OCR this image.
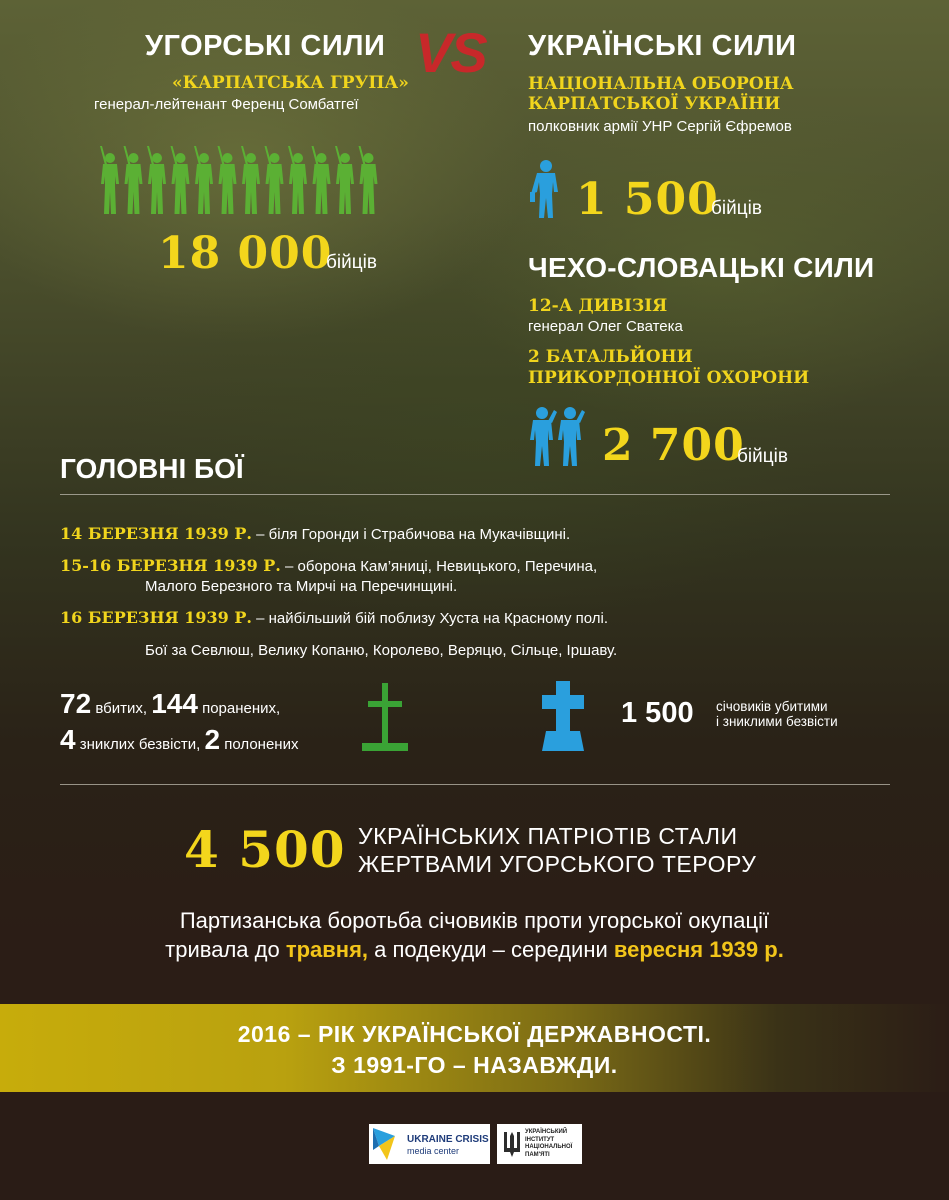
УГОРСЬКІ СИЛИ
«КАРПАТСЬКА ГРУПА»
генерал-лейтенант Ференц Сомбатгеї
18 000
бійців
VS УКРАЇНСЬКІ СИЛИ
НАЦІОНАЛЬНА ОБОРОНА
КАРПАТСЬКОЇ УКРАЇНИ
полковник армії УНР Сергій Єфремов
1 500
бійців
ЧЕХО-СЛОВАЦЬКІ СИЛИ
12-А ДИВІЗІЯ
генерал Олег Сватека
2 БАТАЛЬЙОНИ
ПРИКОРДОННОЇ ОХОРОНИ
2 700
бійців
ГОЛОВНІ БОЇ
14 БЕРЕЗНЯ 1939 Р. – біля Горонди і Страбичова на Мукачівщині.
15-16 БЕРЕЗНЯ 1939 Р. – оборона Кам’яниці, Невицького, Перечина,
Малого Березного та Мирчі на Перечинщині.
16 БЕРЕЗНЯ 1939 Р. – найбільший бій поблизу Хуста на Красному полі.
Бої за Севлюш, Велику Копаню, Королево, Веряцю, Сільце, Іршаву.
72 вбитих, 144 поранених,
4 зниклих безвісти, 2 полонених
1 500 січовиків убитими
і зниклими безвісти
4 500 УКРАЇНСЬКИХ ПАТРІОТІВ СТАЛИ
ЖЕРТВАМИ УГОРСЬКОГО ТЕРОРУ
Партизанська боротьба січовиків проти угорської окупації
тривала до травня, а подекуди – середини вересня 1939 р.
2016 – РІК УКРАЇНСЬКОЇ ДЕРЖАВНОСТІ.
З 1991-ГО – НАЗАВЖДИ.
UKRAINE CRISIS
media center
УКРАЇНСЬКИЙ
ІНСТИТУТ
НАЦІОНАЛЬНОЇ
ПАМ'ЯТІ
